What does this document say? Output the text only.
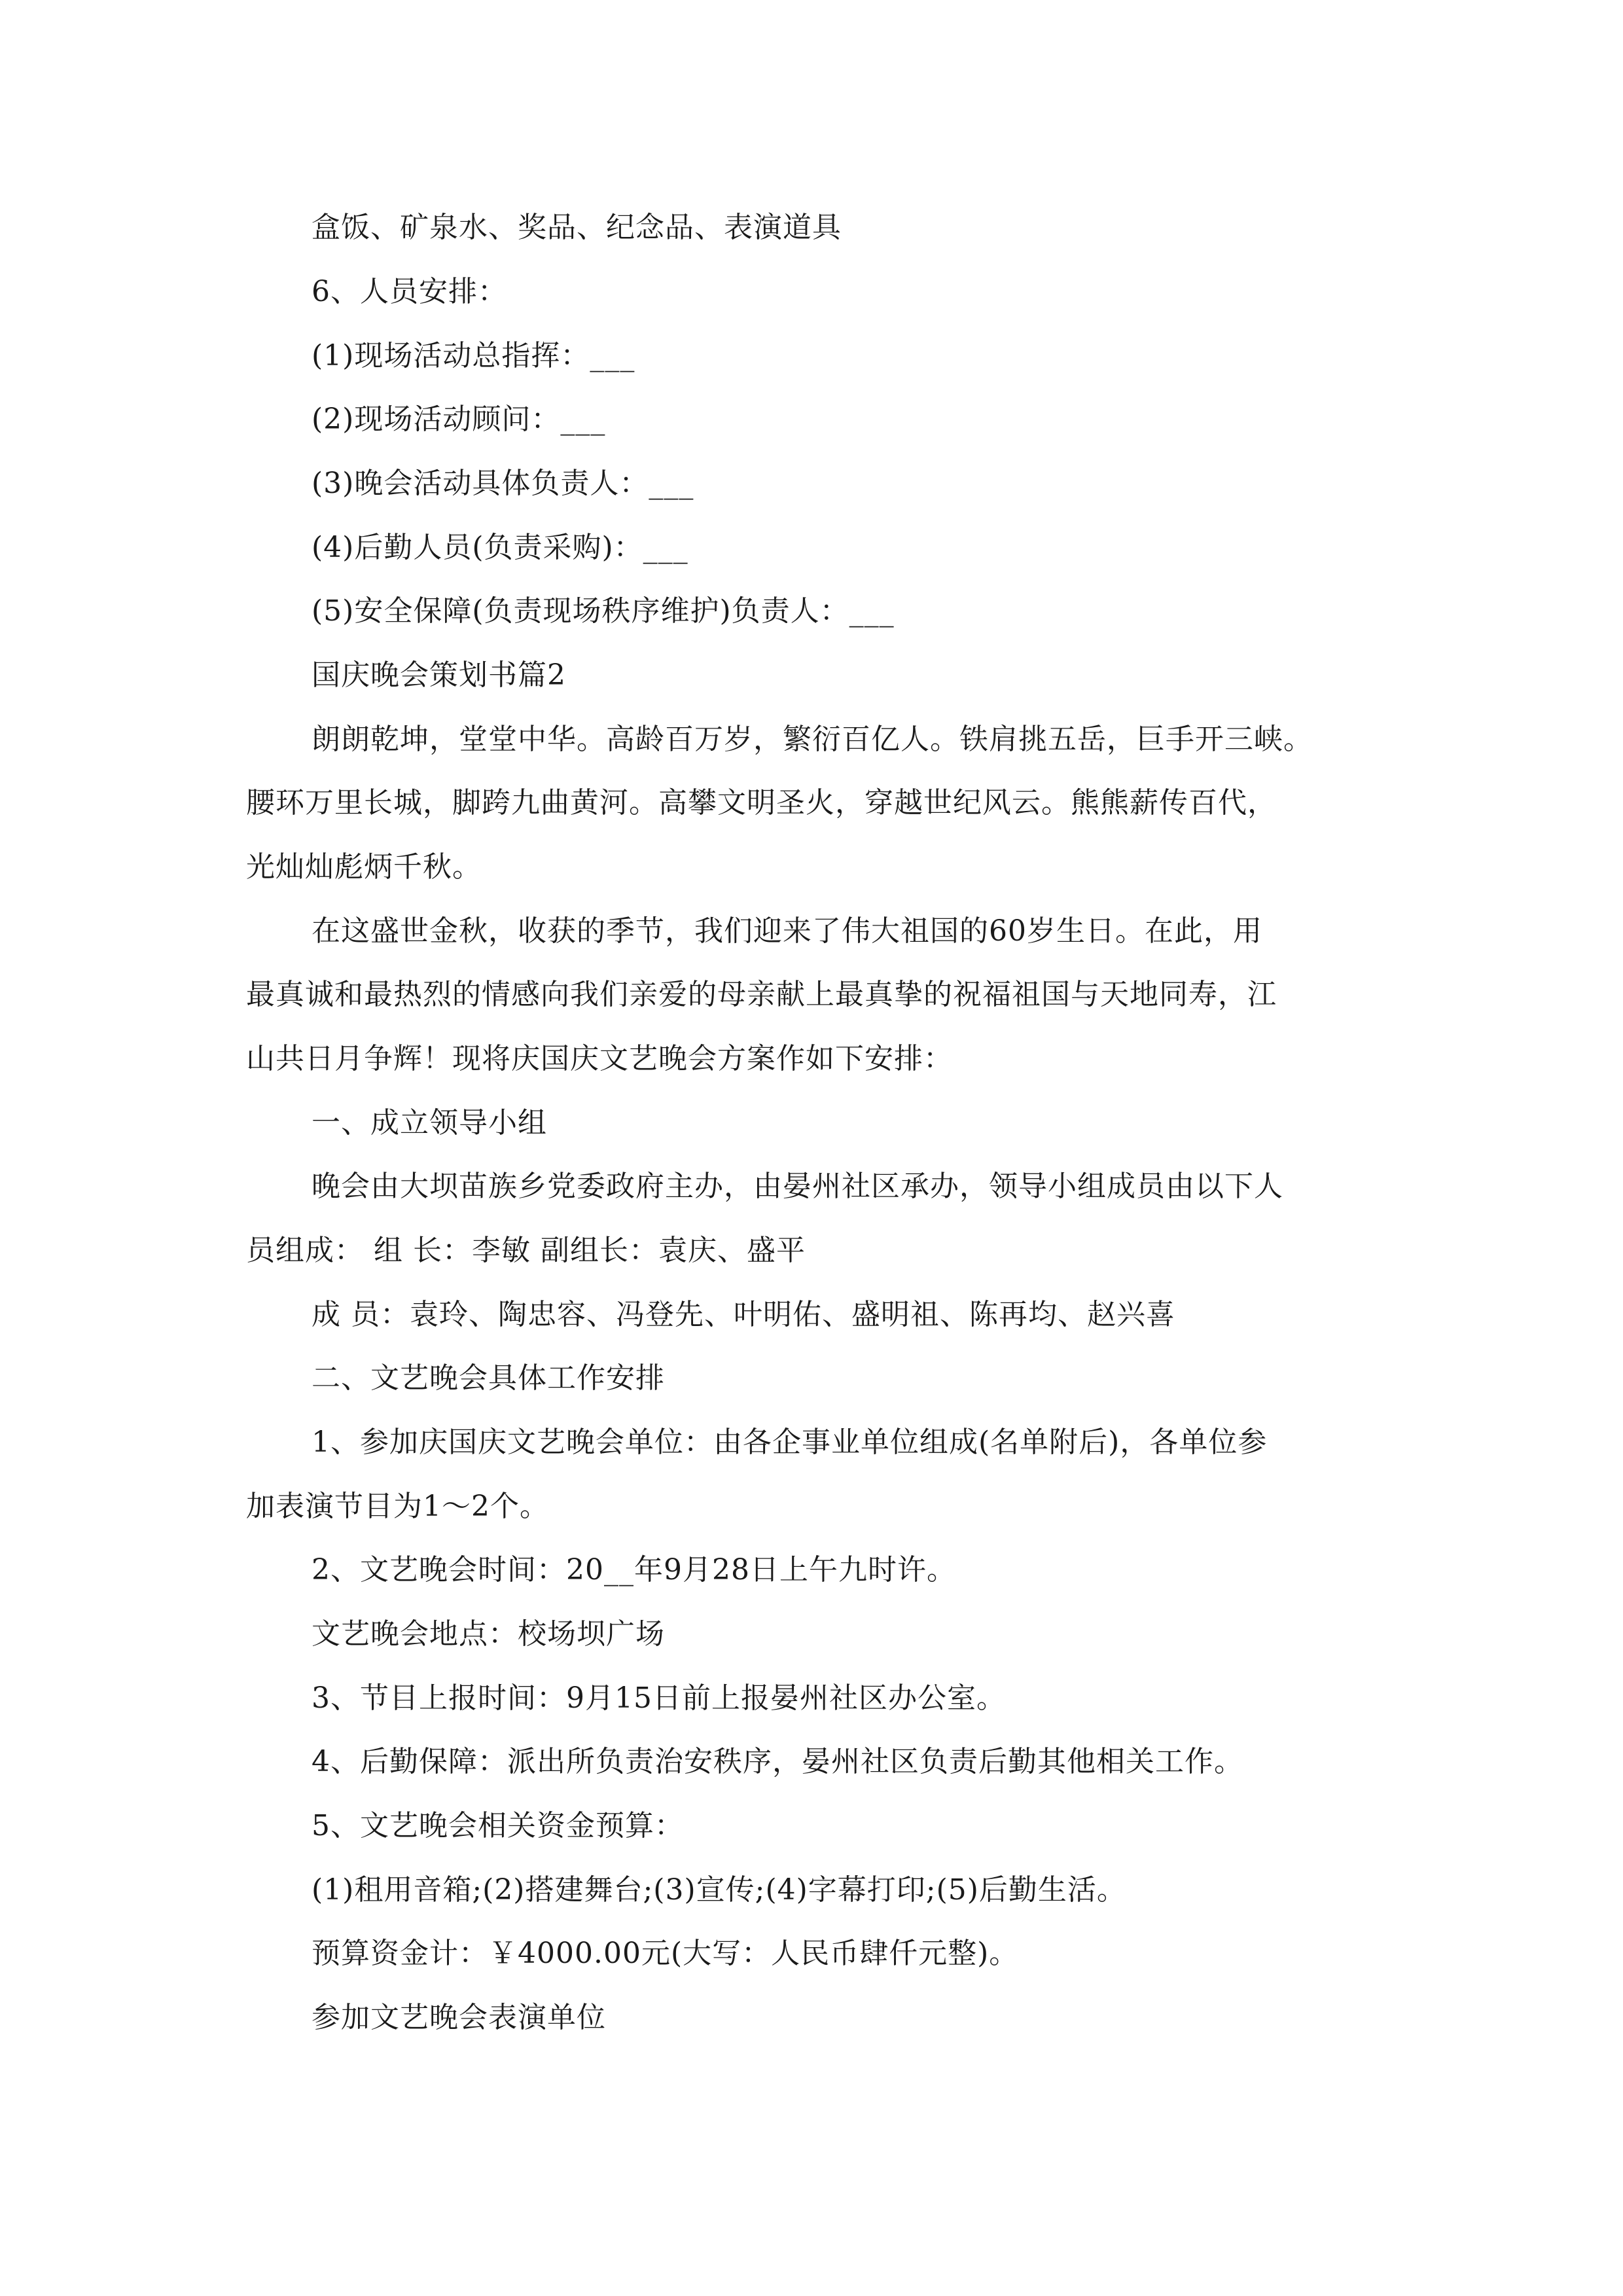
盒饭、矿泉水、奖品、纪念品、表演道具
6、人员安排：
(1)现场活动总指挥：___
(2)现场活动顾问：___
(3)晚会活动具体负责人：___
(4)后勤人员(负责采购)：___
(5)安全保障(负责现场秩序维护)负责人：___
国庆晚会策划书篇2
朗朗乾坤，堂堂中华。高龄百万岁，繁衍百亿人。铁肩挑五岳，巨手开三峡。
腰环万里长城，脚跨九曲黄河。高攀文明圣火，穿越世纪风云。熊熊薪传百代，
光灿灿彪炳千秋。
在这盛世金秋，收获的季节，我们迎来了伟大祖国的60岁生日。在此，用
最真诚和最热烈的情感向我们亲爱的母亲献上最真挚的祝福祖国与天地同寿，江
山共日月争辉！现将庆国庆文艺晚会方案作如下安排：
一、成立领导小组
晚会由大坝苗族乡党委政府主办，由晏州社区承办，领导小组成员由以下人
员组成： 组 长：李敏 副组长：袁庆、盛平
成 员：袁玲、陶忠容、冯登先、叶明佑、盛明祖、陈再均、赵兴喜
二、文艺晚会具体工作安排
1、参加庆国庆文艺晚会单位：由各企事业单位组成(名单附后)，各单位参
加表演节目为1～2个。
2、文艺晚会时间：20__年9月28日上午九时许。
文艺晚会地点：校场坝广场
3、节目上报时间：9月15日前上报晏州社区办公室。
4、后勤保障：派出所负责治安秩序，晏州社区负责后勤其他相关工作。
5、文艺晚会相关资金预算：
(1)租用音箱;(2)搭建舞台;(3)宣传;(4)字幕打印;(5)后勤生活。
预算资金计：￥4000.00元(大写：人民币肆仟元整)。
参加文艺晚会表演单位
